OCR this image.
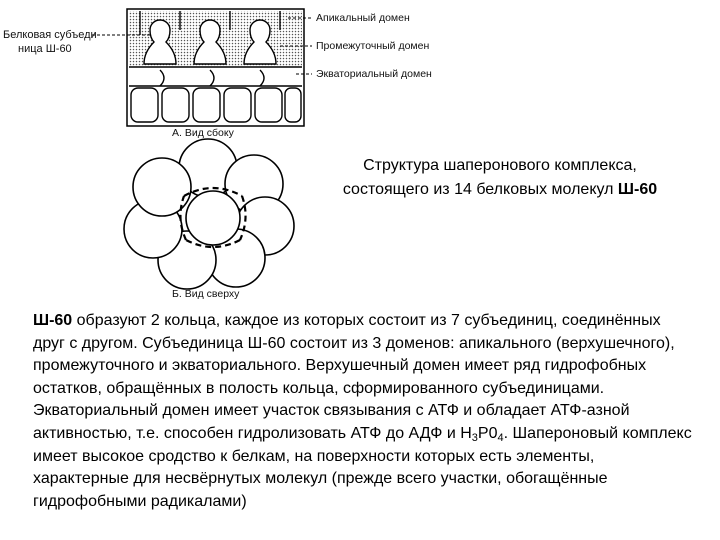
Белковая субъеди-
ница Ш-60
Апикальный домен
Промежуточный домен
Экваториальный домен
А. Вид сбоку
Б. Вид сверху
Структура шаперонового комплекса,
состоящего из 14 белковых молекул Ш-60

Ш-60 образуют 2 кольца, каждое из которых состоит из 7 субъединиц, соединённых друг с другом. Субъединица Ш-60 состоит из 3 доменов: апикального (верхушечного), промежуточного и экваториального. Верхушечный домен имеет ряд гидрофобных остатков, обращённых в полость кольца, сформированного субъединицами. Экваториальный домен имеет участок связывания с АТФ и обладает АТФ-азной активностью, т.е. способен гидролизовать АТФ до АДФ и $Н_3Р0_4$. Шапероновый комплекс имеет высокое сродство к белкам, на поверхности которых есть элементы, характерные для несвёрнутых молекул (прежде всего участки, обогащённые гидрофобными радикалами)
